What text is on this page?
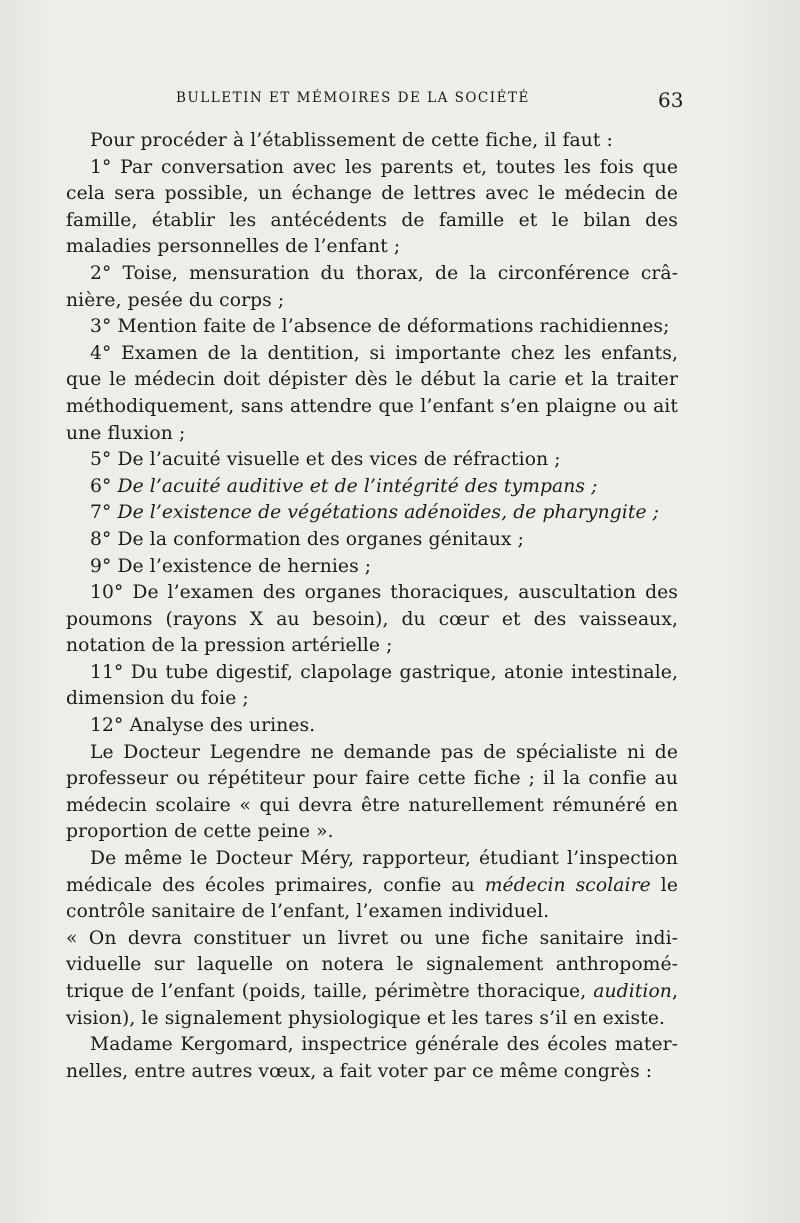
BULLETIN ET MÉMOIRES DE LA SOCIÉTÉ	63

Pour procéder à l’établissement de cette fiche, il faut :

1° Par conversation avec les parents et, toutes les fois que cela sera possible, un échange de lettres avec le médecin de famille, établir les antécédents de famille et le bilan des maladies personnelles de l’enfant ;

2° Toise, mensuration du thorax, de la circonférence crânière, pesée du corps ;

3° Mention faite de l’absence de déformations rachidiennes;

4° Examen de la dentition, si importante chez les enfants, que le médecin doit dépister dès le début la carie et la traiter méthodiquement, sans attendre que l’enfant s’en plaigne ou ait une fluxion ;

5° De l’acuité visuelle et des vices de réfraction ;

6° De l’acuité auditive et de l’intégrité des tympans ;

7° De l’existence de végétations adénoïdes, de pharyngite ;

8° De la conformation des organes génitaux ;

9° De l’existence de hernies ;

10° De l’examen des organes thoraciques, auscultation des poumons (rayons X au besoin), du cœur et des vaisseaux, notation de la pression artérielle ;

11° Du tube digestif, clapolage gastrique, atonie intestinale, dimension du foie ;

12° Analyse des urines.

Le Docteur Legendre ne demande pas de spécialiste ni de professeur ou répétiteur pour faire cette fiche ; il la confie au médecin scolaire « qui devra être naturellement rémunéré en proportion de cette peine ».

De même le Docteur Méry, rapporteur, étudiant l’inspection médicale des écoles primaires, confie au médecin scolaire le contrôle sanitaire de l’enfant, l’examen individuel.

« On devra constituer un livret ou une fiche sanitaire individuelle sur laquelle on notera le signalement anthropométrique de l’enfant (poids, taille, périmètre thoracique, audition, vision), le signalement physiologique et les tares s’il en existe.

Madame Kergomard, inspectrice générale des écoles maternelles, entre autres vœux, a fait voter par ce même congrès :
